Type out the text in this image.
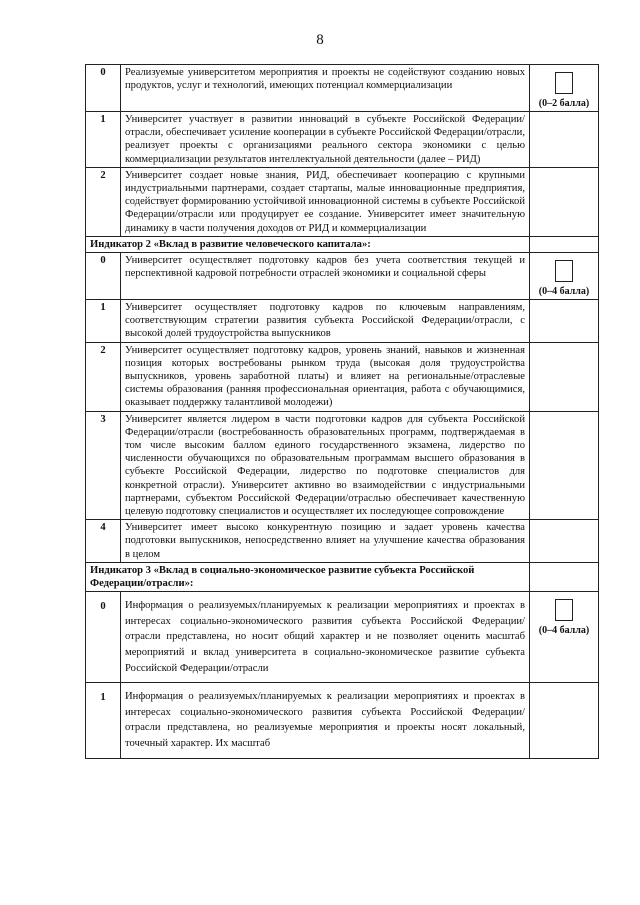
8
0	Реализуемые университетом мероприятия и проекты не содействуют созданию новых продуктов, услуг и технологий, имеющих потенциал коммерциализации	(0–2 балла)

1	Университет участвует в развитии инноваций в субъекте Российской Федерации/отрасли, обеспечивает усиление кооперации в субъекте Российской Федерации/отрасли, реализует проекты с организациями реального сектора экономики с целью коммерциализации результатов интеллектуальной деятельности (далее – РИД)	
2	Университет создает новые знания, РИД, обеспечивает кооперацию с крупными индустриальными партнерами, создает стартапы, малые инновационные предприятия, содействует формированию устойчивой инновационной системы в субъекте Российской Федерации/отрасли или продуцирует ее создание. Университет имеет значительную динамику в части получения доходов от РИД и коммерциализации	
Индикатор 2 «Вклад в развитие человеческого капитала»:		
0	Университет осуществляет подготовку кадров без учета соответствия текущей и перспективной кадровой потребности отраслей экономики и социальной сферы	(0–4 балла)

1	Университет осуществляет подготовку кадров по ключевым направлениям, соответствующим стратегии развития субъекта Российской Федерации/отрасли, с высокой долей трудоустройства выпускников	
2	Университет осуществляет подготовку кадров, уровень знаний, навыков и жизненная позиция которых востребованы рынком труда (высокая доля трудоустройства выпускников, уровень заработной платы) и влияет на региональные/отраслевые системы образования (ранняя профессиональная ориентация, работа с обучающимися, оказывает поддержку талантливой молодежи)	
3	Университет является лидером в части подготовки кадров для субъекта Российской Федерации/отрасли (востребованность образовательных программ, подтверждаемая в том числе высоким баллом единого государственного экзамена, лидерство по численности обучающихся по образовательным программам высшего образования в субъекте Российской Федерации, лидерство по подготовке специалистов для конкретной отрасли). Университет активно во взаимодействии с индустриальными партнерами, субъектом Российской Федерации/отраслью обеспечивает качественную целевую подготовку специалистов и осуществляет их последующее сопровождение	
4	Университет имеет высоко конкурентную позицию и задает уровень качества подготовки выпускников, непосредственно влияет на улучшение качества образования в целом	
Индикатор 3 «Вклад в социально-экономическое развитие субъекта Российской Федерации/отрасли»:		
0	Информация о реализуемых/планируемых к реализации мероприятиях и проектах в интересах социально-экономического развития субъекта Российской Федерации/отрасли представлена, но носит общий характер и не позволяет оценить масштаб мероприятий и вклад университета в социально-экономическое развитие субъекта Российской Федерации/отрасли	(0–4 балла)

1	Информация о реализуемых/планируемых к реализации мероприятиях и проектах в интересах социально-экономического развития субъекта Российской Федерации/отрасли представлена, но реализуемые мероприятия и проекты носят локальный, точечный характер. Их масштаб	
